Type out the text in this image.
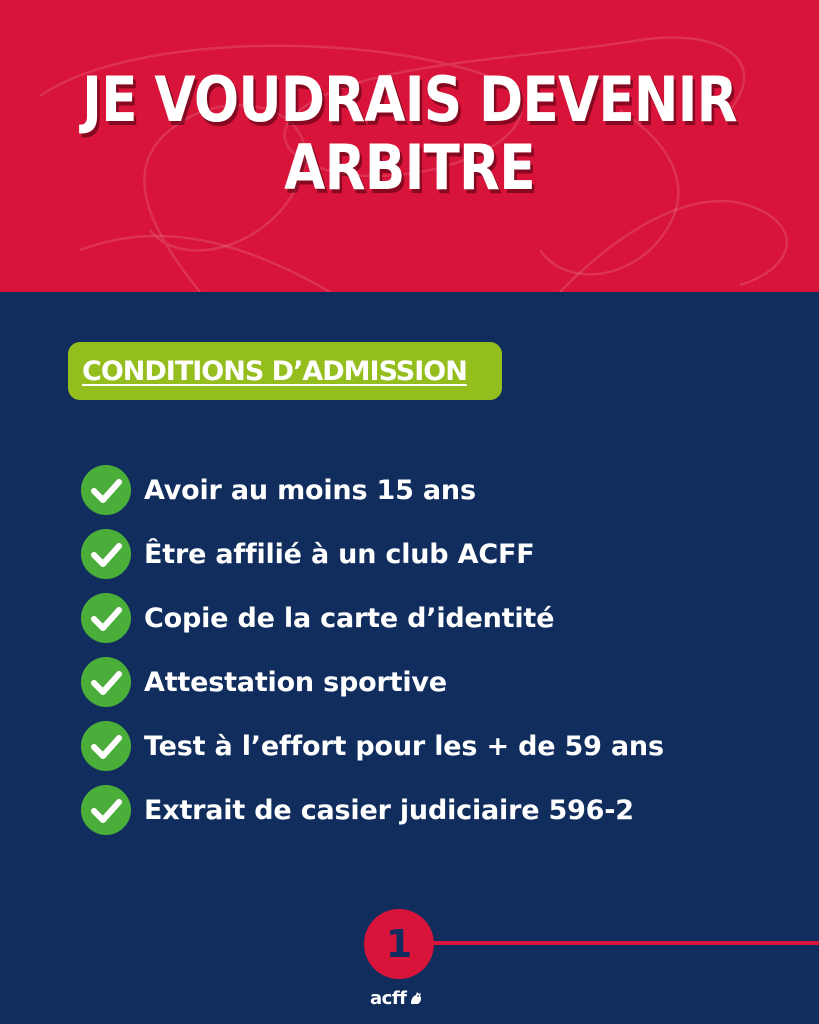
JE VOUDRAIS DEVENIR
ARBITRE
CONDITIONS D’ADMISSION
Avoir au moins 15 ans
Être affilié à un club ACFF
Copie de la carte d’identité
Attestation sportive
Test à l’effort pour les + de 59 ans
Extrait de casier judiciaire 596-2
1
acff
